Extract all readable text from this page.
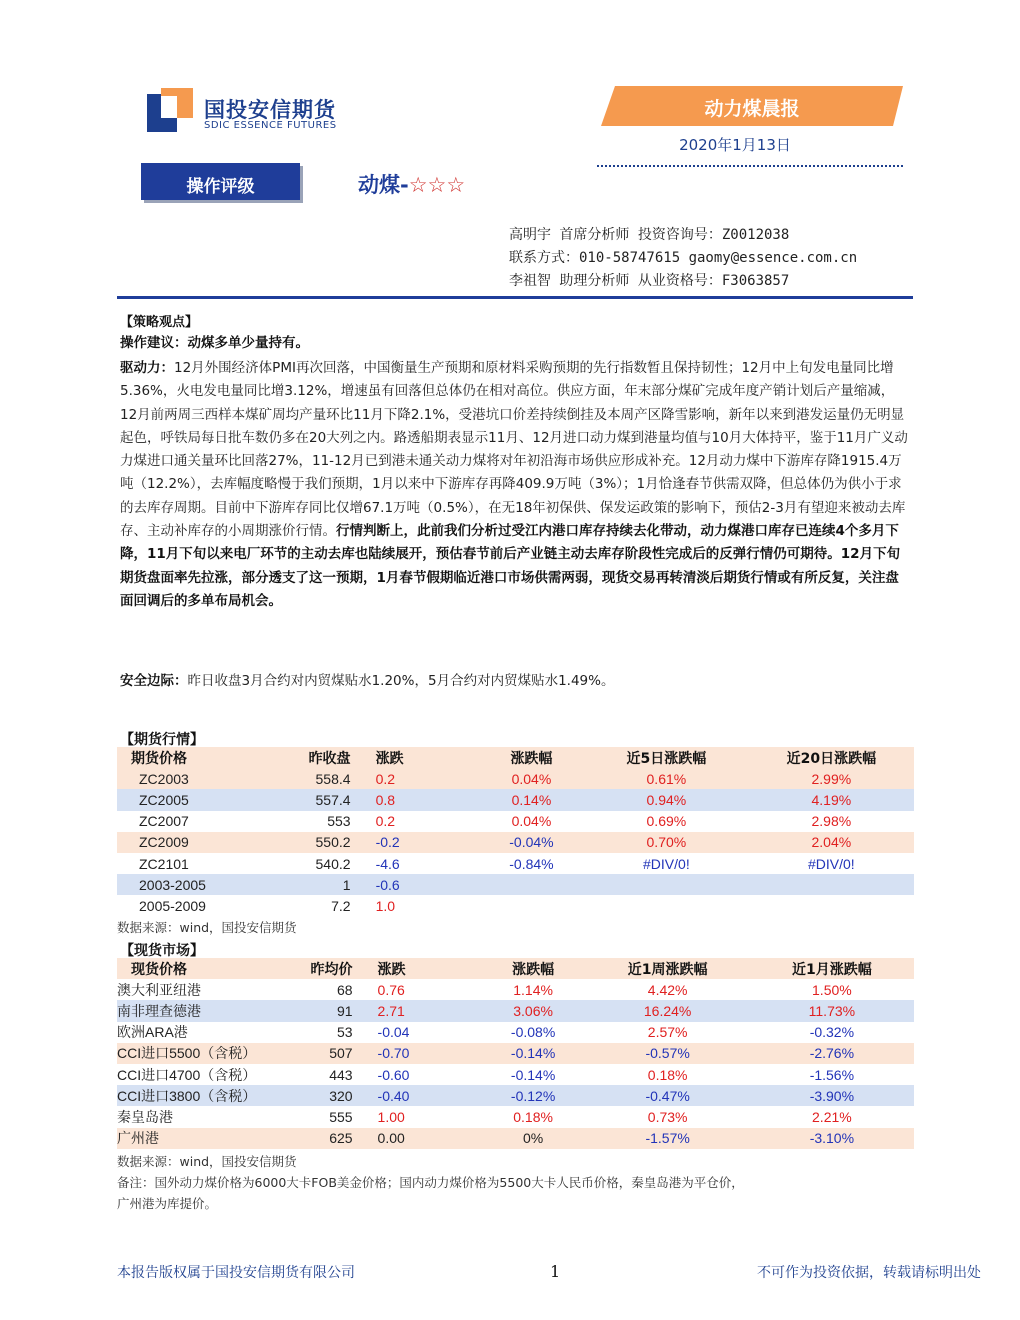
国投安信期货
SDIC ESSENCE FUTURES
动力煤晨报
2020年1月13日
操作评级	动煤-☆☆☆
高明宇 首席分析师 投资咨询号：Z0012038
联系方式：010-58747615 gaomy@essence.com.cn
李祖智 助理分析师 从业资格号：F3063857
【策略观点】
操作建议：动煤多单少量持有。
驱动力：12月外围经济体PMI再次回落，中国衡量生产预期和原材料采购预期的先行指数暂且保持韧性；12月中上旬发电量同比增5.36%，火电发电量同比增3.12%，增速虽有回落但总体仍在相对高位。供应方面，年末部分煤矿完成年度产销计划后产量缩减，12月前两周三西样本煤矿周均产量环比11月下降2.1%，受港坑口价差持续倒挂及本周产区降雪影响，新年以来到港发运量仍无明显起色，呼铁局每日批车数仍多在20大列之内。路透船期表显示11月、12月进口动力煤到港量均值与10月大体持平，鉴于11月广义动力煤进口通关量环比回落27%，11-12月已到港未通关动力煤将对年初沿海市场供应形成补充。12月动力煤中下游库存降1915.4万吨（12.2%），去库幅度略慢于我们预期，1月以来中下游库存再降409.9万吨（3%）；1月恰逢春节供需双降，但总体仍为供小于求的去库存周期。目前中下游库存同比仅增67.1万吨（0.5%），在无18年初保供、保发运政策的影响下，预估2-3月有望迎来被动去库存、主动补库存的小周期涨价行情。行情判断上，此前我们分析过受江内港口库存持续去化带动，动力煤港口库存已连续4个多月下降，11月下旬以来电厂环节的主动去库也陆续展开，预估春节前后产业链主动去库存阶段性完成后的反弹行情仍可期待。12月下旬期货盘面率先拉涨，部分透支了这一预期，1月春节假期临近港口市场供需两弱，现货交易再转清淡后期货行情或有所反复，关注盘面回调后的多单布局机会。
安全边际：昨日收盘3月合约对内贸煤贴水1.20%，5月合约对内贸煤贴水1.49%。
【期货行情】
期货价格	昨收盘	涨跌	涨跌幅	近5日涨跌幅	近20日涨跌幅
ZC2003	558.4	0.2	0.04%	0.61%	2.99%
ZC2005	557.4	0.8	0.14%	0.94%	4.19%
ZC2007	553	0.2	0.04%	0.69%	2.98%
ZC2009	550.2	-0.2	-0.04%	0.70%	2.04%
ZC2101	540.2	-4.6	-0.84%	#DIV/0!	#DIV/0!
2003-2005	1	-0.6			
2005-2009	7.2	1.0			
数据来源：wind，国投安信期货
【现货市场】
现货价格	昨均价	涨跌	涨跌幅	近1周涨跌幅	近1月涨跌幅
澳大利亚纽港	68	0.76	1.14%	4.42%	1.50%
南非理查德港	91	2.71	3.06%	16.24%	11.73%
欧洲ARA港	53	-0.04	-0.08%	2.57%	-0.32%
CCI进口5500（含税）	507	-0.70	-0.14%	-0.57%	-2.76%
CCI进口4700（含税）	443	-0.60	-0.14%	0.18%	-1.56%
CCI进口3800（含税）	320	-0.40	-0.12%	-0.47%	-3.90%
秦皇岛港	555	1.00	0.18%	0.73%	2.21%
广州港	625	0.00	0%	-1.57%	-3.10%
数据来源：wind，国投安信期货
备注：国外动力煤价格为6000大卡FOB美金价格；国内动力煤价格为5500大卡人民币价格，秦皇岛港为平仓价，
广州港为库提价。
本报告版权属于国投安信期货有限公司	1	不可作为投资依据，转载请标明出处
